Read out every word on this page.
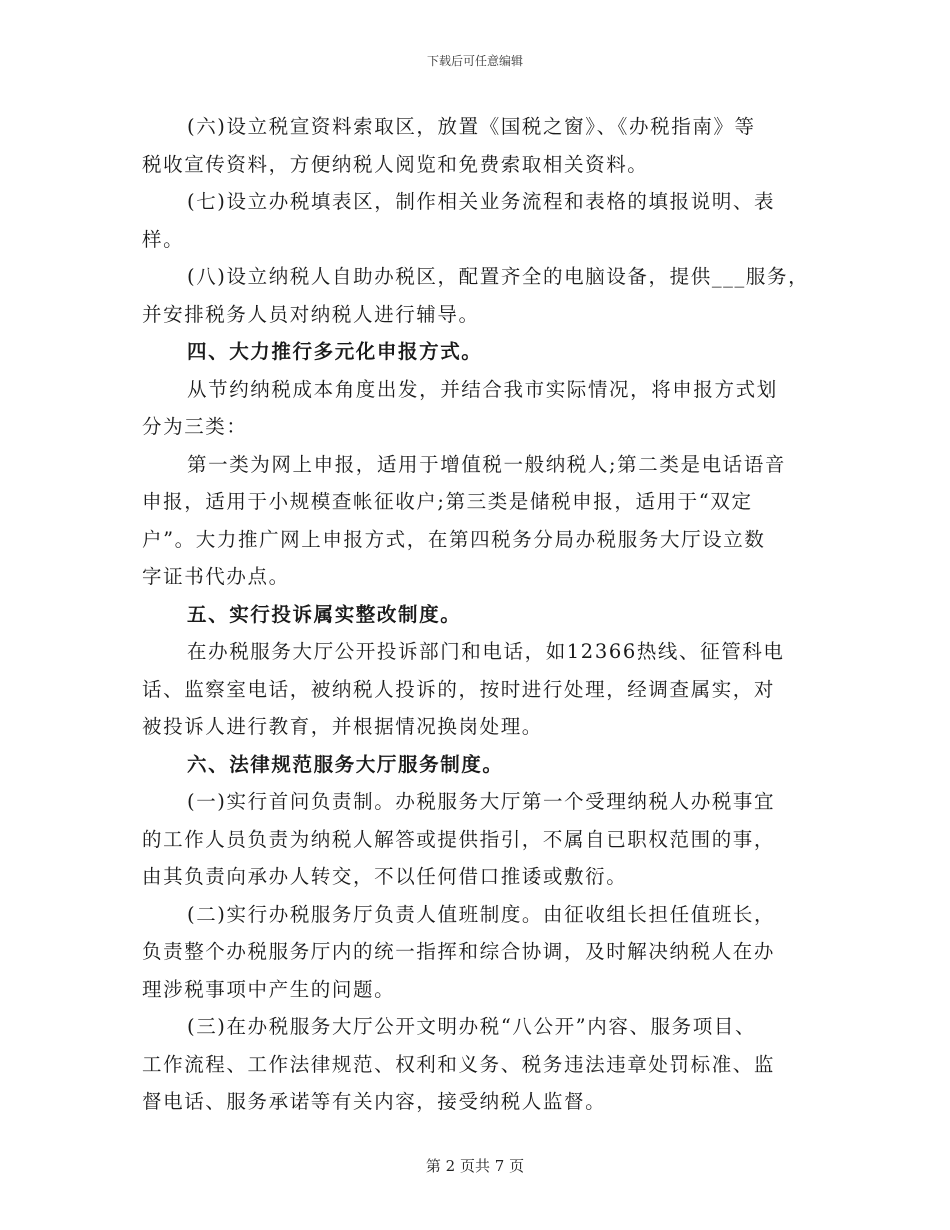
下载后可任意编辑
(六)设立税宣资料索取区，放置《国税之窗》、《办税指南》等
税收宣传资料，方便纳税人阅览和免费索取相关资料。
(七)设立办税填表区，制作相关业务流程和表格的填报说明、表
样。
(八)设立纳税人自助办税区，配置齐全的电脑设备，提供___服务，
并安排税务人员对纳税人进行辅导。
四、大力推行多元化申报方式。
从节约纳税成本角度出发，并结合我市实际情况，将申报方式划
分为三类：
第一类为网上申报，适用于增值税一般纳税人;第二类是电话语音
申报，适用于小规模查帐征收户;第三类是储税申报，适用于“双定
户”。大力推广网上申报方式，在第四税务分局办税服务大厅设立数
字证书代办点。
五、实行投诉属实整改制度。
在办税服务大厅公开投诉部门和电话，如12366热线、征管科电
话、监察室电话，被纳税人投诉的，按时进行处理，经调查属实，对
被投诉人进行教育，并根据情况换岗处理。
六、法律规范服务大厅服务制度。
(一)实行首问负责制。办税服务大厅第一个受理纳税人办税事宜
的工作人员负责为纳税人解答或提供指引，不属自已职权范围的事，
由其负责向承办人转交，不以任何借口推诿或敷衍。
(二)实行办税服务厅负责人值班制度。由征收组长担任值班长，
负责整个办税服务厅内的统一指挥和综合协调，及时解决纳税人在办
理涉税事项中产生的问题。
(三)在办税服务大厅公开文明办税“八公开”内容、服务项目、
工作流程、工作法律规范、权利和义务、税务违法违章处罚标准、监
督电话、服务承诺等有关内容，接受纳税人监督。
第 2 页共 7 页
